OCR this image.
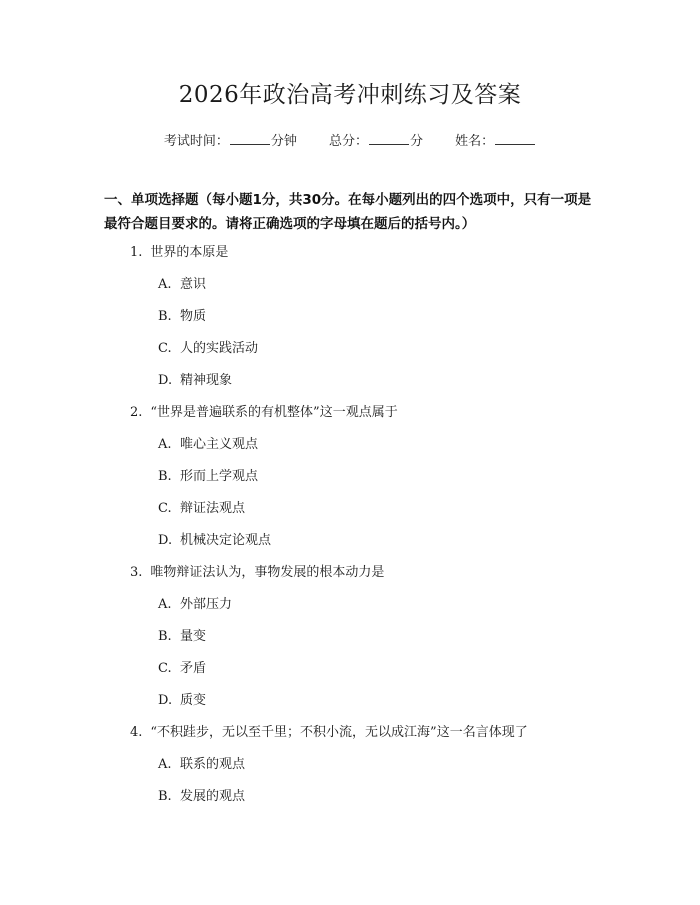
2026年政治高考冲刺练习及答案
考试时间：	分钟 总分：	分 姓名：
一、单项选择题（每小题1分，共30分。在每小题列出的四个选项中，只有一项是最符合题目要求的。请将正确选项的字母填在题后的括号内。）
1. 世界的本原是
A. 意识
B. 物质
C. 人的实践活动
D. 精神现象
2. “世界是普遍联系的有机整体”这一观点属于
A. 唯心主义观点
B. 形而上学观点
C. 辩证法观点
D. 机械决定论观点
3. 唯物辩证法认为，事物发展的根本动力是
A. 外部压力
B. 量变
C. 矛盾
D. 质变
4. “不积跬步，无以至千里；不积小流，无以成江海”这一名言体现了
A. 联系的观点
B. 发展的观点
